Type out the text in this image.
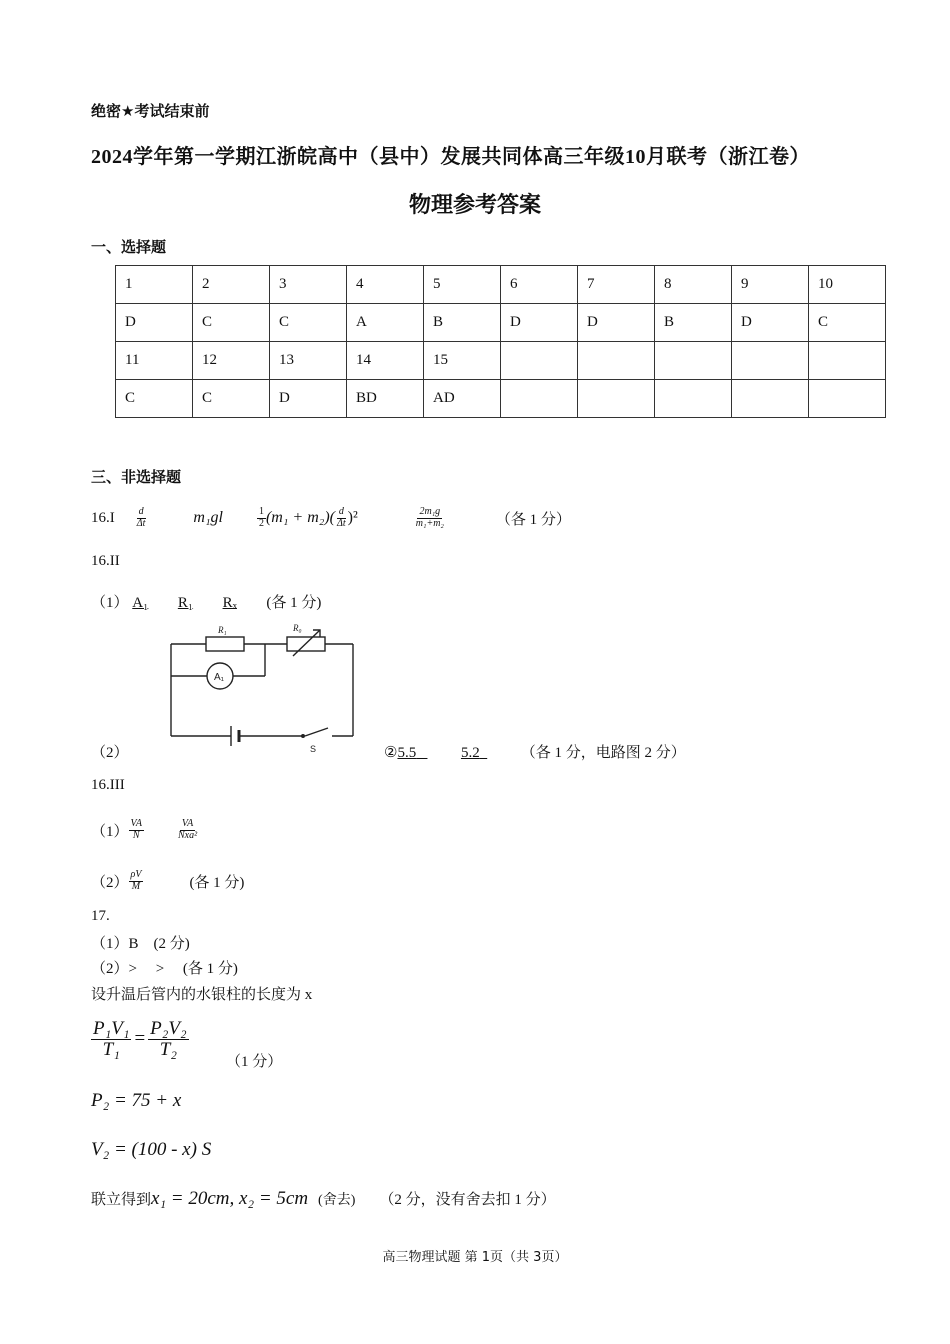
绝密★考试结束前
2024学年第一学期江浙皖高中（县中）发展共同体高三年级10月联考（浙江卷）
物理参考答案
一、选择题
1	2	3	4	5	6	7	8	9	10
D	C	C	A	B	D	D	B	D	C
11	12	13	14	15					
C	C	D	BD	AD					
三、非选择题
$16.I \frac{d}{\Delta t}$	m₁gl	$\frac{1}{2} (m_1 + m_2)( \frac{d}{\Delta t} )^2$	$\frac{\text{2m₁g}}{\text{m₁+m₂}}$	（各 1 分）
16.II
（1） A₁ R₁ Rₓ (各 1 分)
R₁	R₀
A₁
S
（2）	②5.5	5.2	（各 1 分，电路图 2 分）
16.III
$(1) \frac{VA}{N}$	$\frac{VA}{\text{Nxa²}}$
$(2) \frac{\rho V}{M}$	(各 1 分)
17.
（1）B　(2 分)
（2）>　 >　 (各 1 分)
设升温后管内的水银柱的长度为 x
$\frac{\text{P₁V₁}}{\text{T₁}} = \frac{\text{P₂V₂}}{\text{T₂}}$
（1 分）
P₂ = 75 + x
V₂ = (100 - x) S
联立得到 x₁ = 20cm, x₂ = 5cm (舍去) （2 分，没有舍去扣 1 分）
高三物理试题 第 1页（共 3页）
